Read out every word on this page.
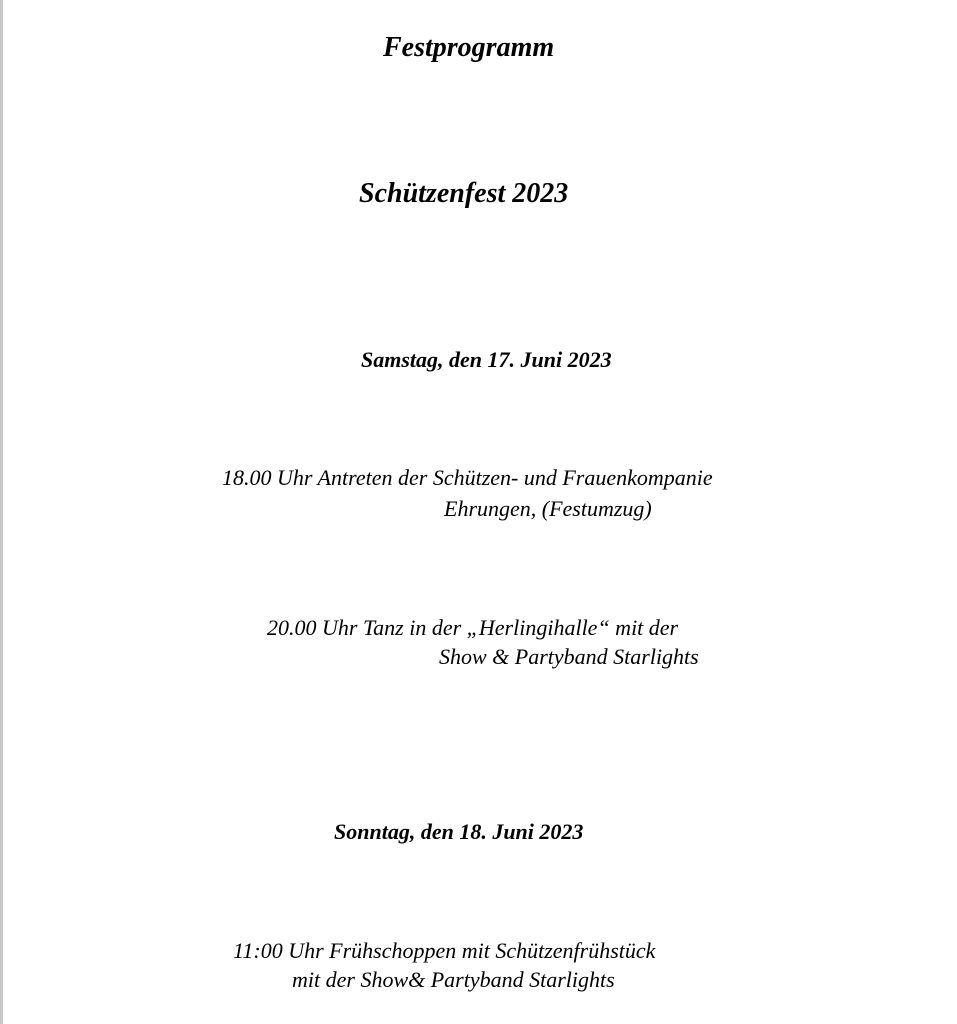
Festprogramm
Schützenfest 2023
Samstag, den 17. Juni 2023
18.00 Uhr Antreten der Schützen- und Frauenkompanie
Ehrungen, (Festumzug)
20.00 Uhr Tanz in der „Herlingihalle“ mit der
Show & Partyband Starlights
Sonntag, den 18. Juni 2023
11:00 Uhr Frühschoppen mit Schützenfrühstück
mit der Show& Partyband Starlights
